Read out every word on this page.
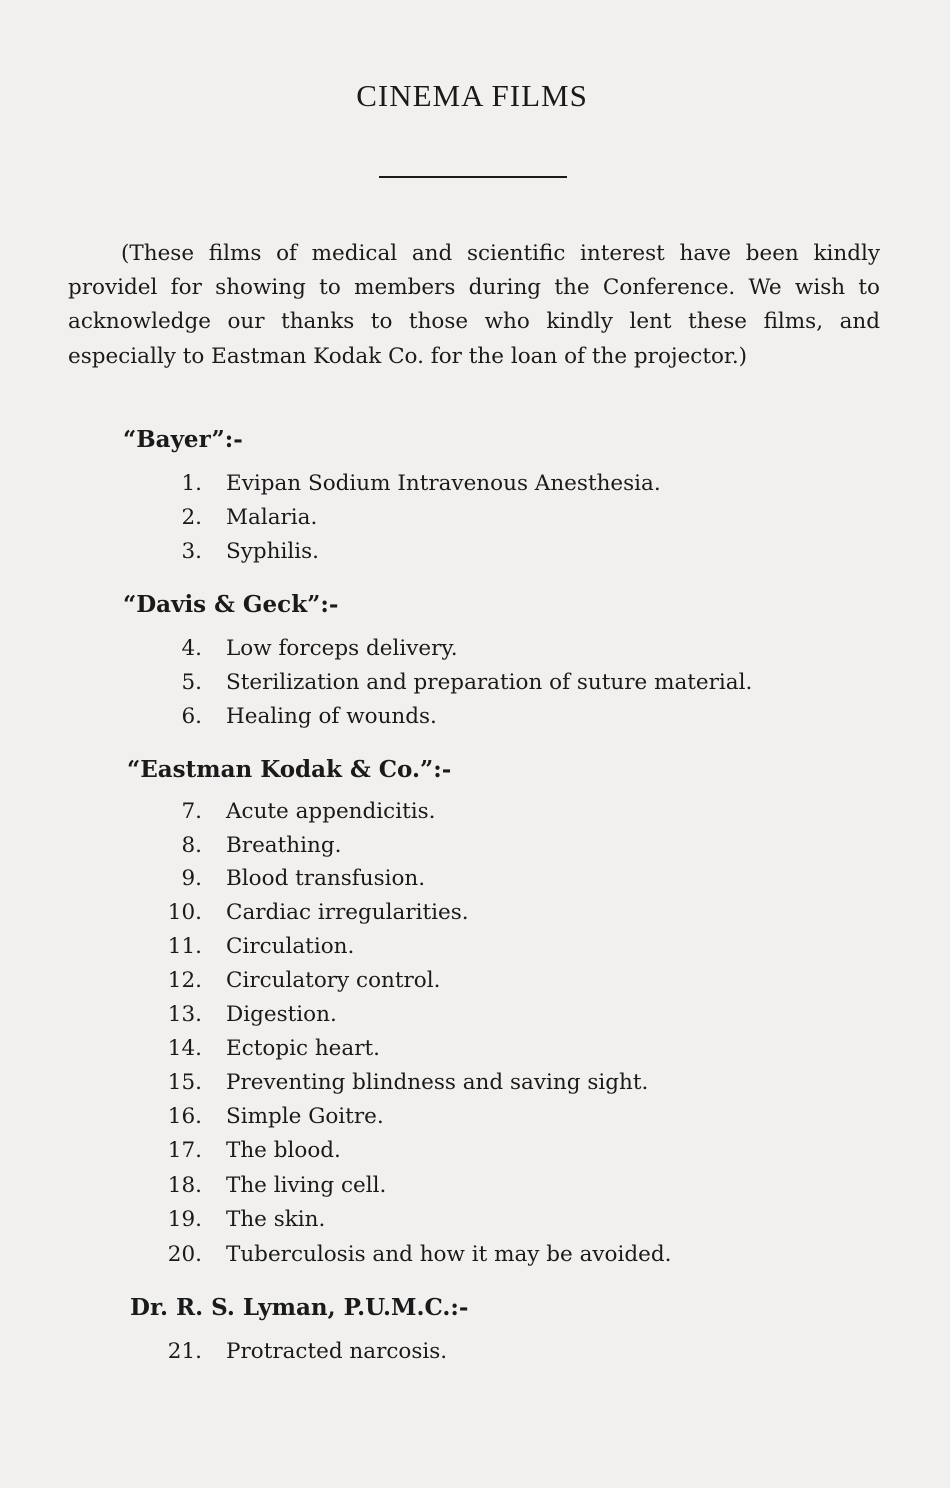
CINEMA FILMS

(These films of medical and scientific interest have been kindly providel for showing to members during the Conference. We wish to acknowledge our thanks to those who kindly lent these films, and especially to Eastman Kodak Co. for the loan of the projector.)

“Bayer”:-
1. Evipan Sodium Intravenous Anesthesia.
2. Malaria.
3. Syphilis.
“Davis & Geck”:-
4. Low forceps delivery.
5. Sterilization and preparation of suture material.
6. Healing of wounds.
“Eastman Kodak & Co.”:-
7. Acute appendicitis.
8. Breathing.
9. Blood transfusion.
10. Cardiac irregularities.
11. Circulation.
12. Circulatory control.
13. Digestion.
14. Ectopic heart.
15. Preventing blindness and saving sight.
16. Simple Goitre.
17. The blood.
18. The living cell.
19. The skin.
20. Tuberculosis and how it may be avoided.
Dr. R. S. Lyman, P.U.M.C.:-
21. Protracted narcosis.
